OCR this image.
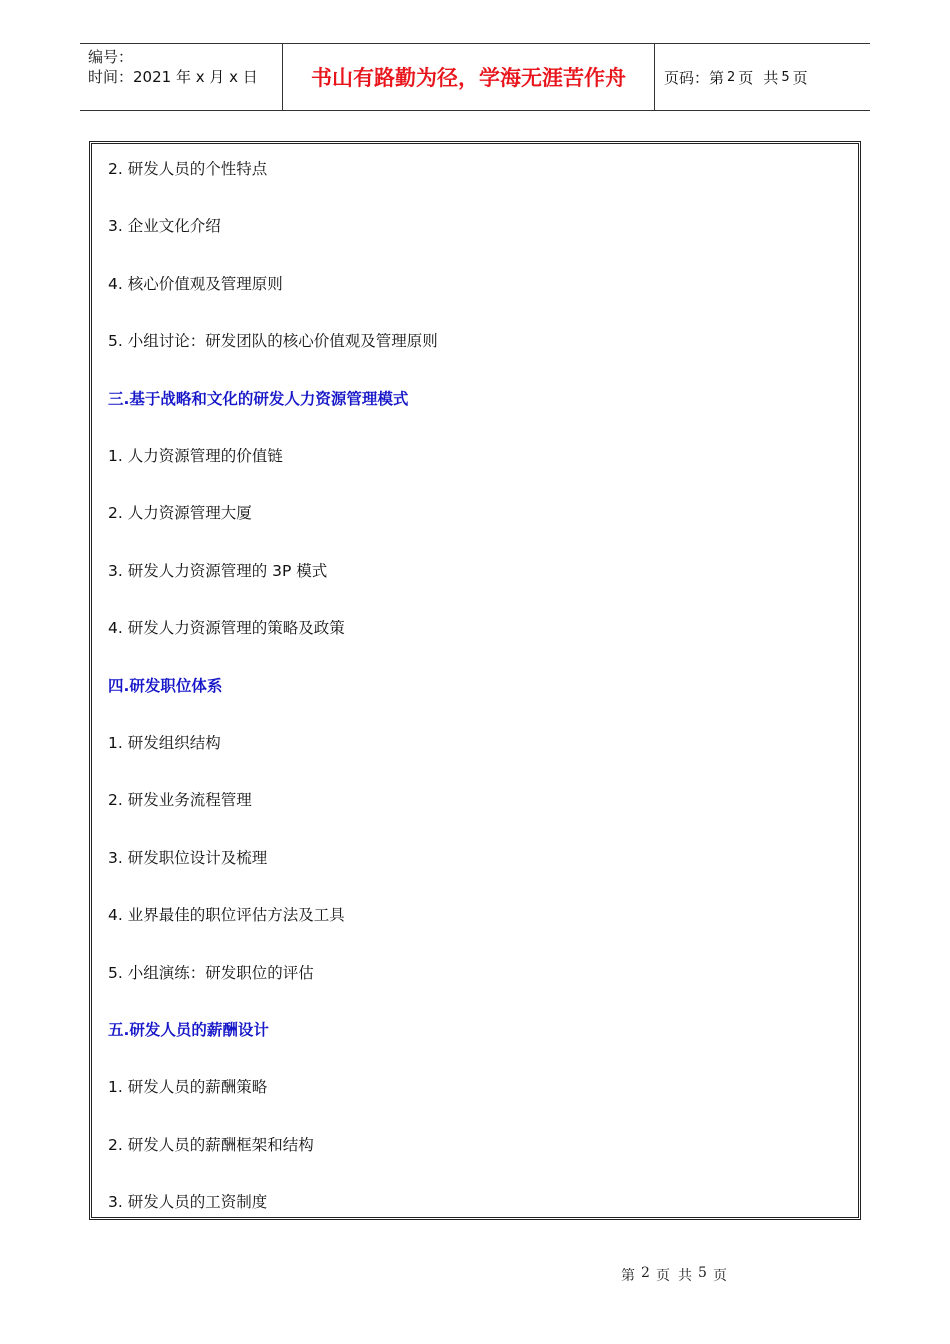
编号：
时间：2021 年 x 月 x 日	书山有路勤为径，学海无涯苦作舟	页码：第 2 页 共 5 页
2. 研发人员的个性特点
3. 企业文化介绍
4. 核心价值观及管理原则
5. 小组讨论：研发团队的核心价值观及管理原则
三.基于战略和文化的研发人力资源管理模式
1. 人力资源管理的价值链
2. 人力资源管理大厦
3. 研发人力资源管理的 3P 模式
4. 研发人力资源管理的策略及政策
四.研发职位体系
1. 研发组织结构
2. 研发业务流程管理
3. 研发职位设计及梳理
4. 业界最佳的职位评估方法及工具
5. 小组演练：研发职位的评估
五.研发人员的薪酬设计
1. 研发人员的薪酬策略
2. 研发人员的薪酬框架和结构
3. 研发人员的工资制度
第 2 页 共 5 页
